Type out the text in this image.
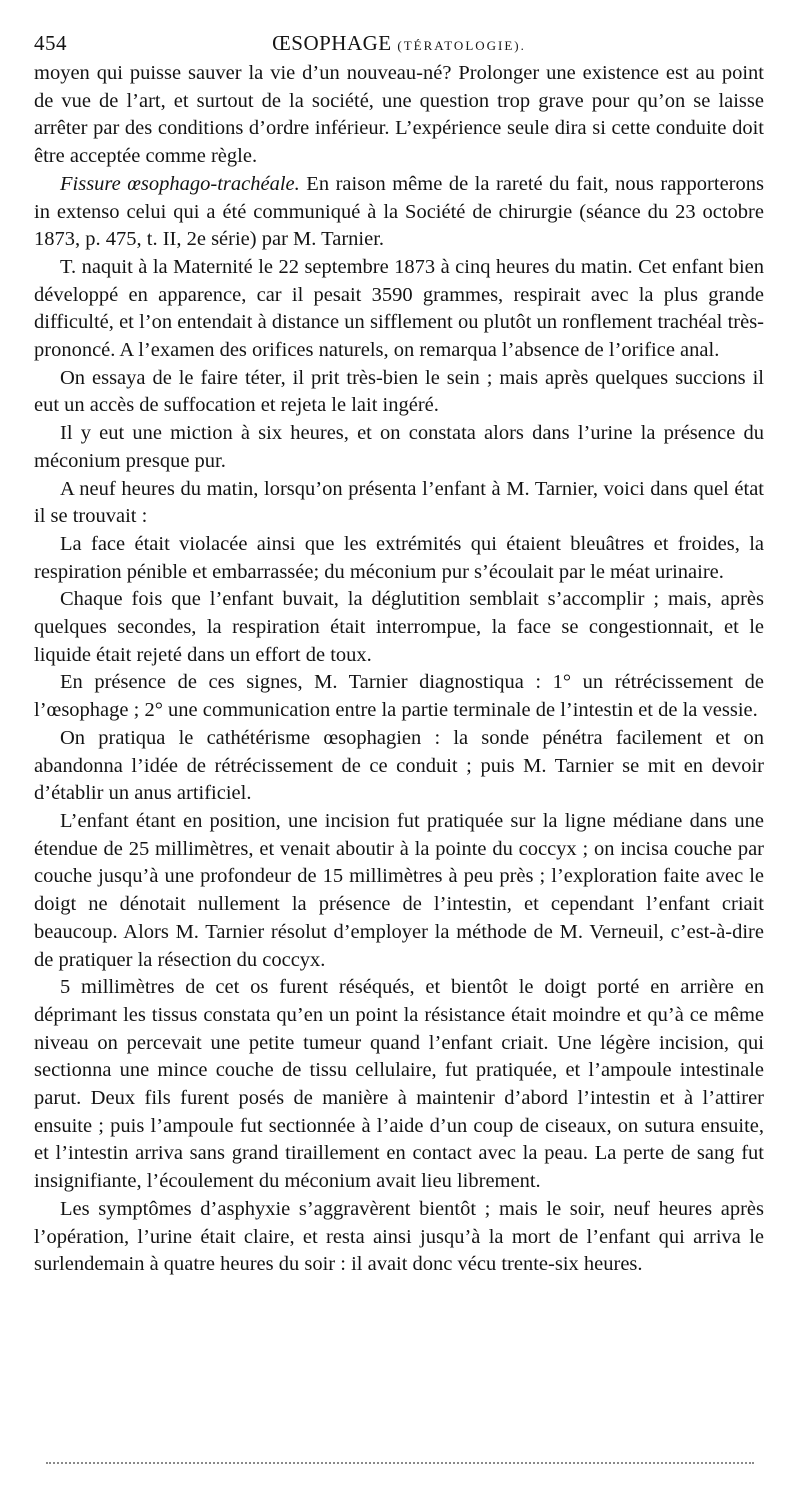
454	ŒSOPHAGE (TÉRATOLOGIE).

moyen qui puisse sauver la vie d’un nouveau-né? Prolonger une existence est au point de vue de l’art, et surtout de la société, une question trop grave pour qu’on se laisse arrêter par des conditions d’ordre inférieur. L’expérience seule dira si cette conduite doit être acceptée comme règle.

Fissure œsophago-trachéale. En raison même de la rareté du fait, nous rapporterons in extenso celui qui a été communiqué à la Société de chirurgie (séance du 23 octobre 1873, p. 475, t. II, 2e série) par M. Tarnier.

T. naquit à la Maternité le 22 septembre 1873 à cinq heures du matin. Cet enfant bien développé en apparence, car il pesait 3590 grammes, respirait avec la plus grande difficulté, et l’on entendait à distance un sifflement ou plutôt un ronflement trachéal très-prononcé. A l’examen des orifices naturels, on remarqua l’absence de l’orifice anal.

On essaya de le faire téter, il prit très-bien le sein ; mais après quelques succions il eut un accès de suffocation et rejeta le lait ingéré.

Il y eut une miction à six heures, et on constata alors dans l’urine la présence du méconium presque pur.

A neuf heures du matin, lorsqu’on présenta l’enfant à M. Tarnier, voici dans quel état il se trouvait :

La face était violacée ainsi que les extrémités qui étaient bleuâtres et froides, la respiration pénible et embarrassée; du méconium pur s’écoulait par le méat urinaire.

Chaque fois que l’enfant buvait, la déglutition semblait s’accomplir ; mais, après quelques secondes, la respiration était interrompue, la face se congestionnait, et le liquide était rejeté dans un effort de toux.

En présence de ces signes, M. Tarnier diagnostiqua : 1° un rétrécissement de l’œsophage ; 2° une communication entre la partie terminale de l’intestin et de la vessie.

On pratiqua le cathétérisme œsophagien : la sonde pénétra facilement et on abandonna l’idée de rétrécissement de ce conduit ; puis M. Tarnier se mit en devoir d’établir un anus artificiel.

L’enfant étant en position, une incision fut pratiquée sur la ligne médiane dans une étendue de 25 millimètres, et venait aboutir à la pointe du coccyx ; on incisa couche par couche jusqu’à une profondeur de 15 millimètres à peu près ; l’exploration faite avec le doigt ne dénotait nullement la présence de l’intestin, et cependant l’enfant criait beaucoup. Alors M. Tarnier résolut d’employer la méthode de M. Verneuil, c’est-à-dire de pratiquer la résection du coccyx.

5 millimètres de cet os furent réséqués, et bientôt le doigt porté en arrière en déprimant les tissus constata qu’en un point la résistance était moindre et qu’à ce même niveau on percevait une petite tumeur quand l’enfant criait. Une légère incision, qui sectionna une mince couche de tissu cellulaire, fut pratiquée, et l’ampoule intestinale parut. Deux fils furent posés de manière à maintenir d’abord l’intestin et à l’attirer ensuite ; puis l’ampoule fut sectionnée à l’aide d’un coup de ciseaux, on sutura ensuite, et l’intestin arriva sans grand tiraillement en contact avec la peau. La perte de sang fut insignifiante, l’écoulement du méconium avait lieu librement.

Les symptômes d’asphyxie s’aggravèrent bientôt ; mais le soir, neuf heures après l’opération, l’urine était claire, et resta ainsi jusqu’à la mort de l’enfant qui arriva le surlendemain à quatre heures du soir : il avait donc vécu trente-six heures.
